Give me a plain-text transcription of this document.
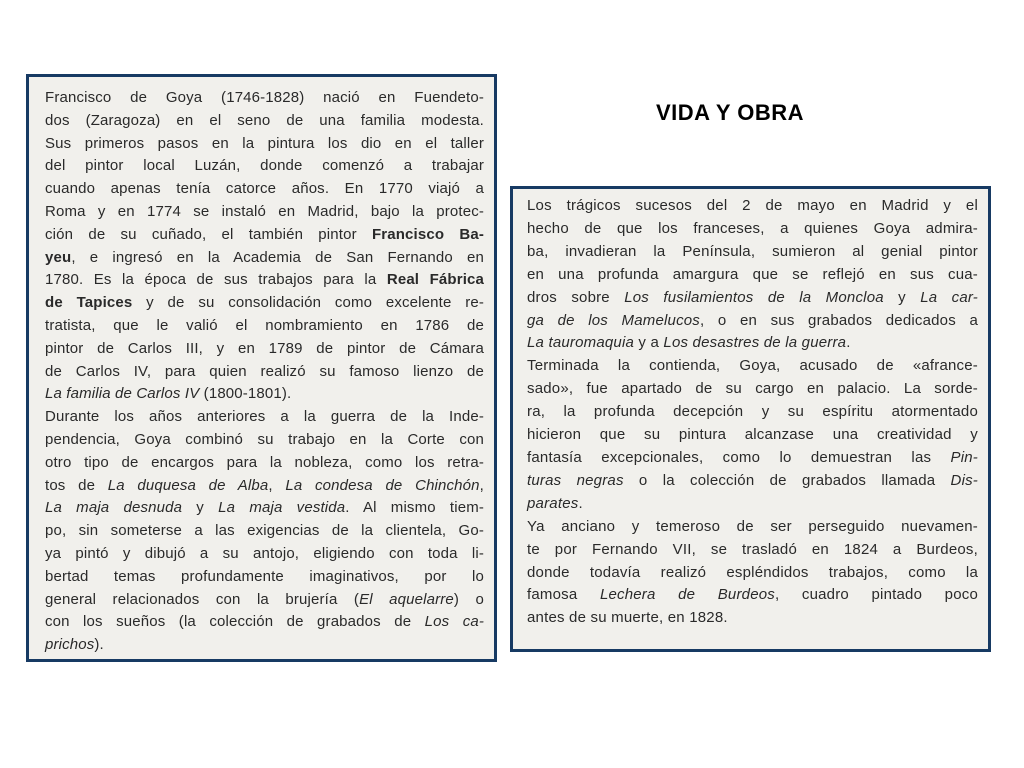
VIDA Y OBRA
Francisco de Goya (1746-1828) nació en Fuendeto-
dos (Zaragoza) en el seno de una familia modesta.
Sus primeros pasos en la pintura los dio en el taller
del pintor local Luzán, donde comenzó a trabajar
cuando apenas tenía catorce años. En 1770 viajó a
Roma y en 1774 se instaló en Madrid, bajo la protec-
ción de su cuñado, el también pintor Francisco Ba-
yeu, e ingresó en la Academia de San Fernando en
1780. Es la época de sus trabajos para la Real Fábrica
de Tapices y de su consolidación como excelente re-
tratista, que le valió el nombramiento en 1786 de
pintor de Carlos III, y en 1789 de pintor de Cámara
de Carlos IV, para quien realizó su famoso lienzo de
La familia de Carlos IV (1800-1801).
Durante los años anteriores a la guerra de la Inde-
pendencia, Goya combinó su trabajo en la Corte con
otro tipo de encargos para la nobleza, como los retra-
tos de La duquesa de Alba, La condesa de Chinchón,
La maja desnuda y La maja vestida. Al mismo tiem-
po, sin someterse a las exigencias de la clientela, Go-
ya pintó y dibujó a su antojo, eligiendo con toda li-
bertad temas profundamente imaginativos, por lo
general relacionados con la brujería (El aquelarre) o
con los sueños (la colección de grabados de Los ca-
prichos).
Los trágicos sucesos del 2 de mayo en Madrid y el
hecho de que los franceses, a quienes Goya admira-
ba, invadieran la Península, sumieron al genial pintor
en una profunda amargura que se reflejó en sus cua-
dros sobre Los fusilamientos de la Moncloa y La car-
ga de los Mamelucos, o en sus grabados dedicados a
La tauromaquia y a Los desastres de la guerra.
Terminada la contienda, Goya, acusado de «afrance-
sado», fue apartado de su cargo en palacio. La sorde-
ra, la profunda decepción y su espíritu atormentado
hicieron que su pintura alcanzase una creatividad y
fantasía excepcionales, como lo demuestran las Pin-
turas negras o la colección de grabados llamada Dis-
parates.
Ya anciano y temeroso de ser perseguido nuevamen-
te por Fernando VII, se trasladó en 1824 a Burdeos,
donde todavía realizó espléndidos trabajos, como la
famosa Lechera de Burdeos, cuadro pintado poco
antes de su muerte, en 1828.
